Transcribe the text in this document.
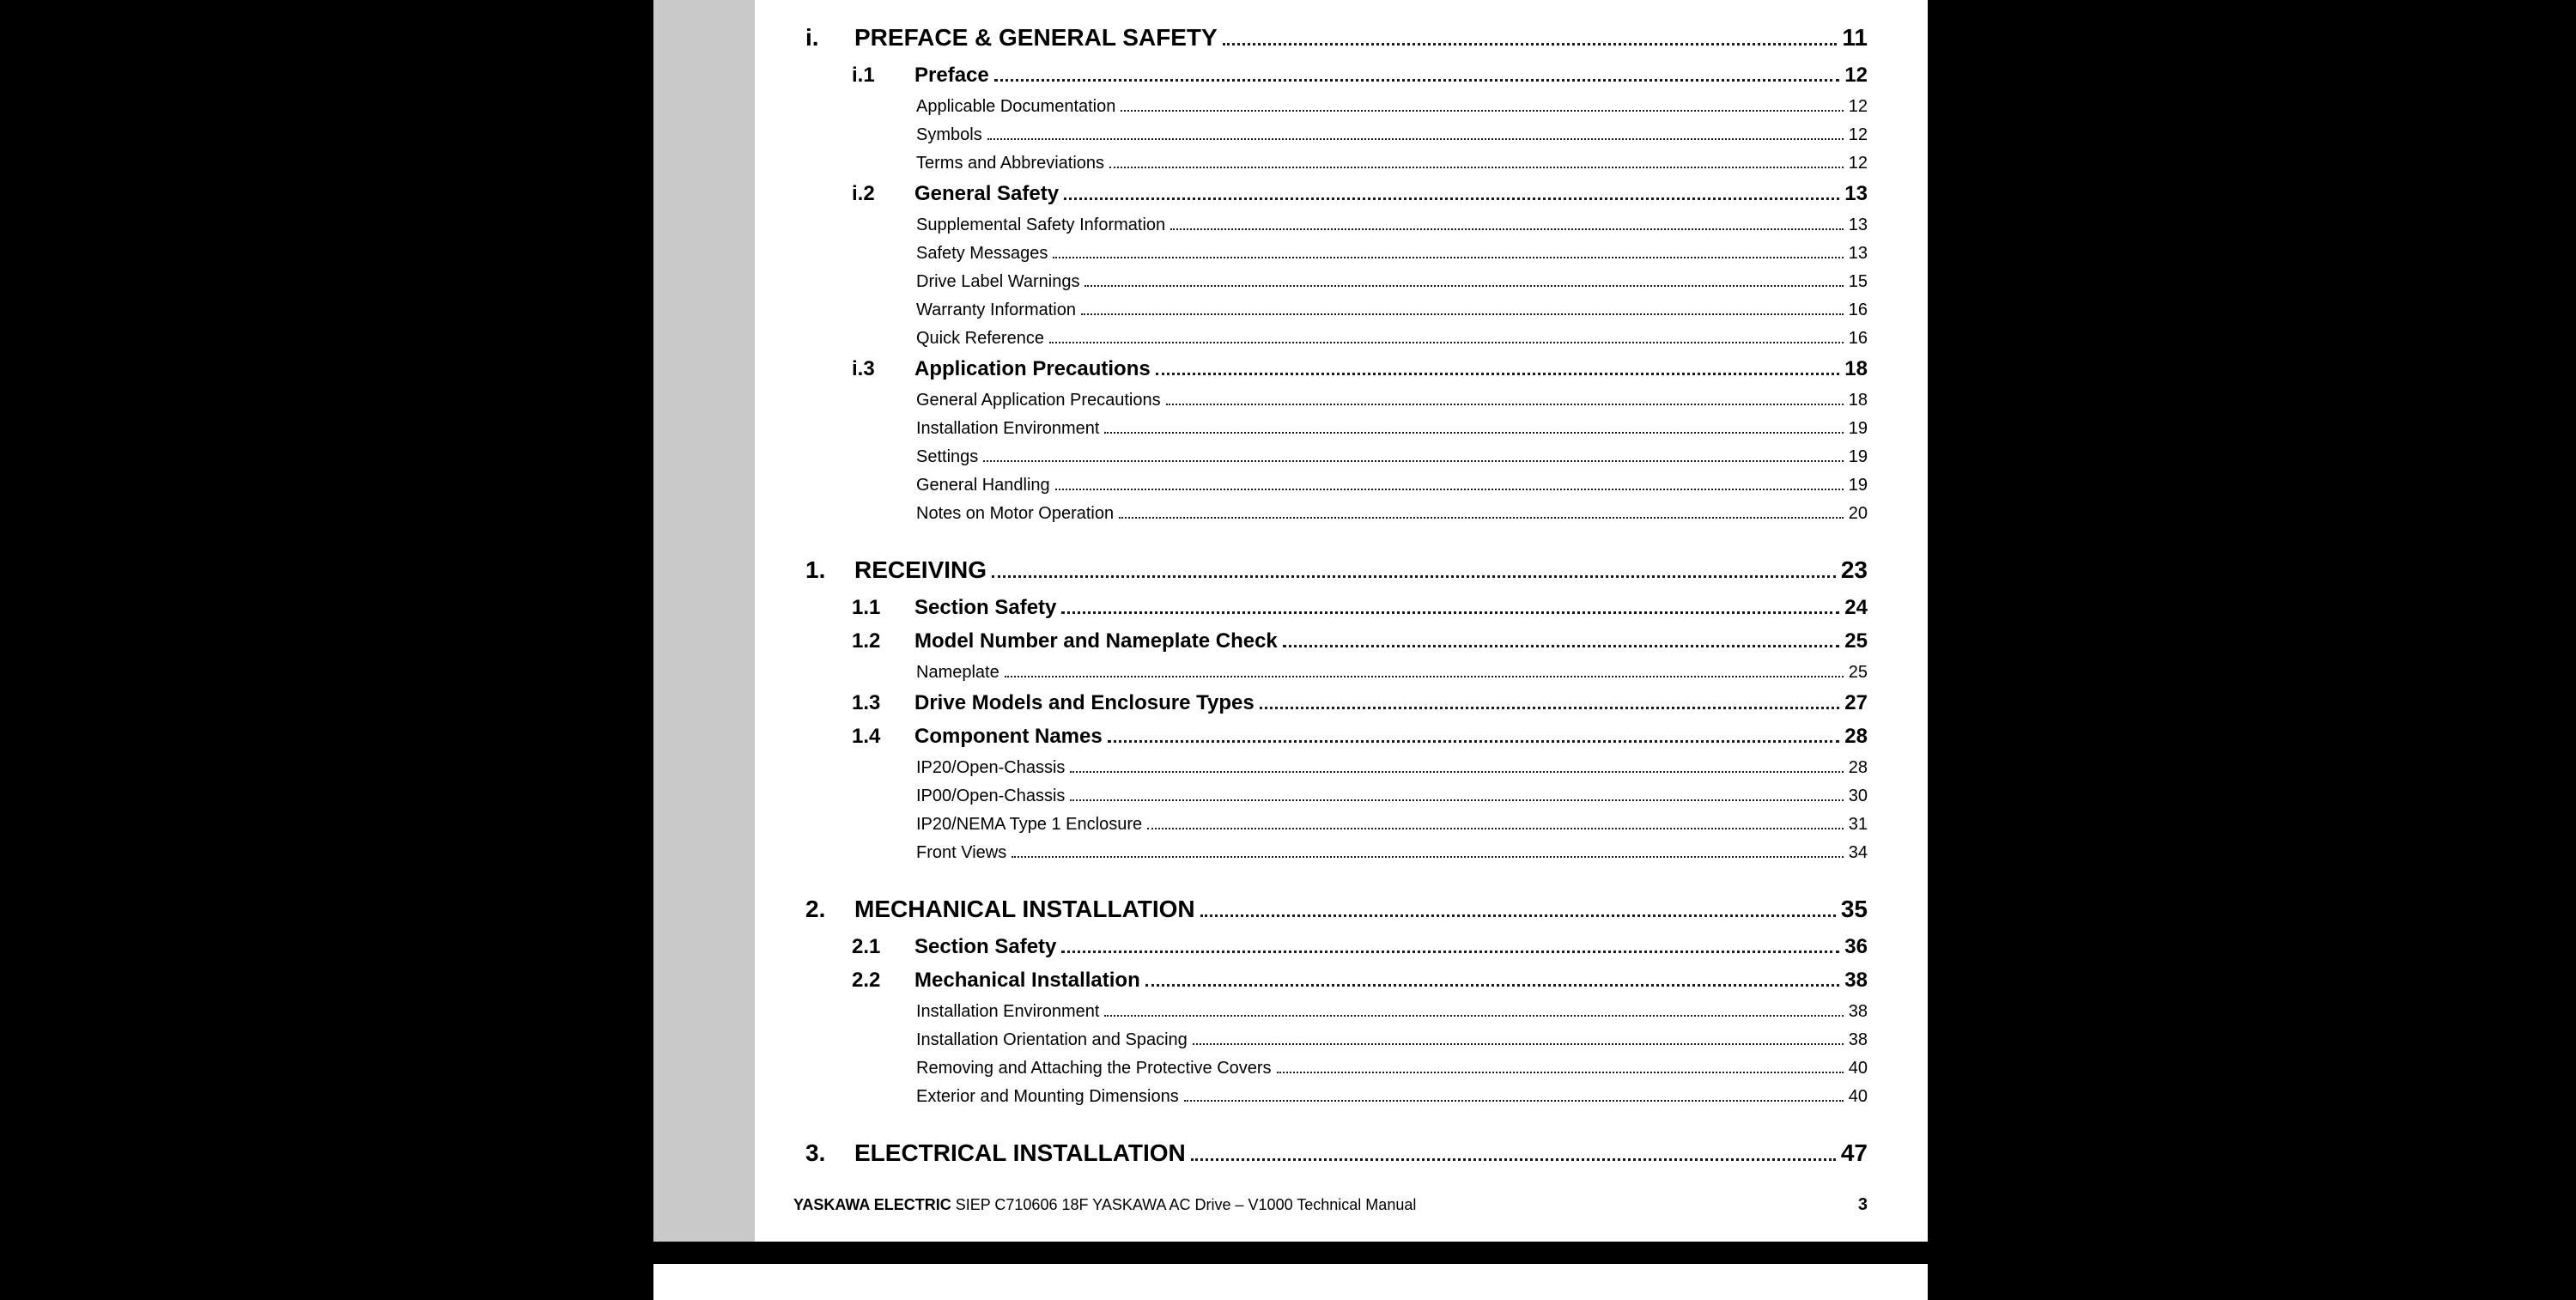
i.	PREFACE & GENERAL SAFETY	11
i.1	Preface	12
Applicable Documentation	12
Symbols	12
Terms and Abbreviations	12
i.2	General Safety	13
Supplemental Safety Information	13
Safety Messages	13
Drive Label Warnings	15
Warranty Information	16
Quick Reference	16
i.3	Application Precautions	18
General Application Precautions	18
Installation Environment	19
Settings	19
General Handling	19
Notes on Motor Operation	20
1.	RECEIVING	23
1.1	Section Safety	24
1.2	Model Number and Nameplate Check	25
Nameplate	25
1.3	Drive Models and Enclosure Types	27
1.4	Component Names	28
IP20/Open-Chassis	28
IP00/Open-Chassis	30
IP20/NEMA Type 1 Enclosure	31
Front Views	34
2.	MECHANICAL INSTALLATION	35
2.1	Section Safety	36
2.2	Mechanical Installation	38
Installation Environment	38
Installation Orientation and Spacing	38
Removing and Attaching the Protective Covers	40
Exterior and Mounting Dimensions	40
3.	ELECTRICAL INSTALLATION	47
YASKAWA ELECTRIC SIEP C710606 18F YASKAWA AC Drive – V1000 Technical Manual	3
